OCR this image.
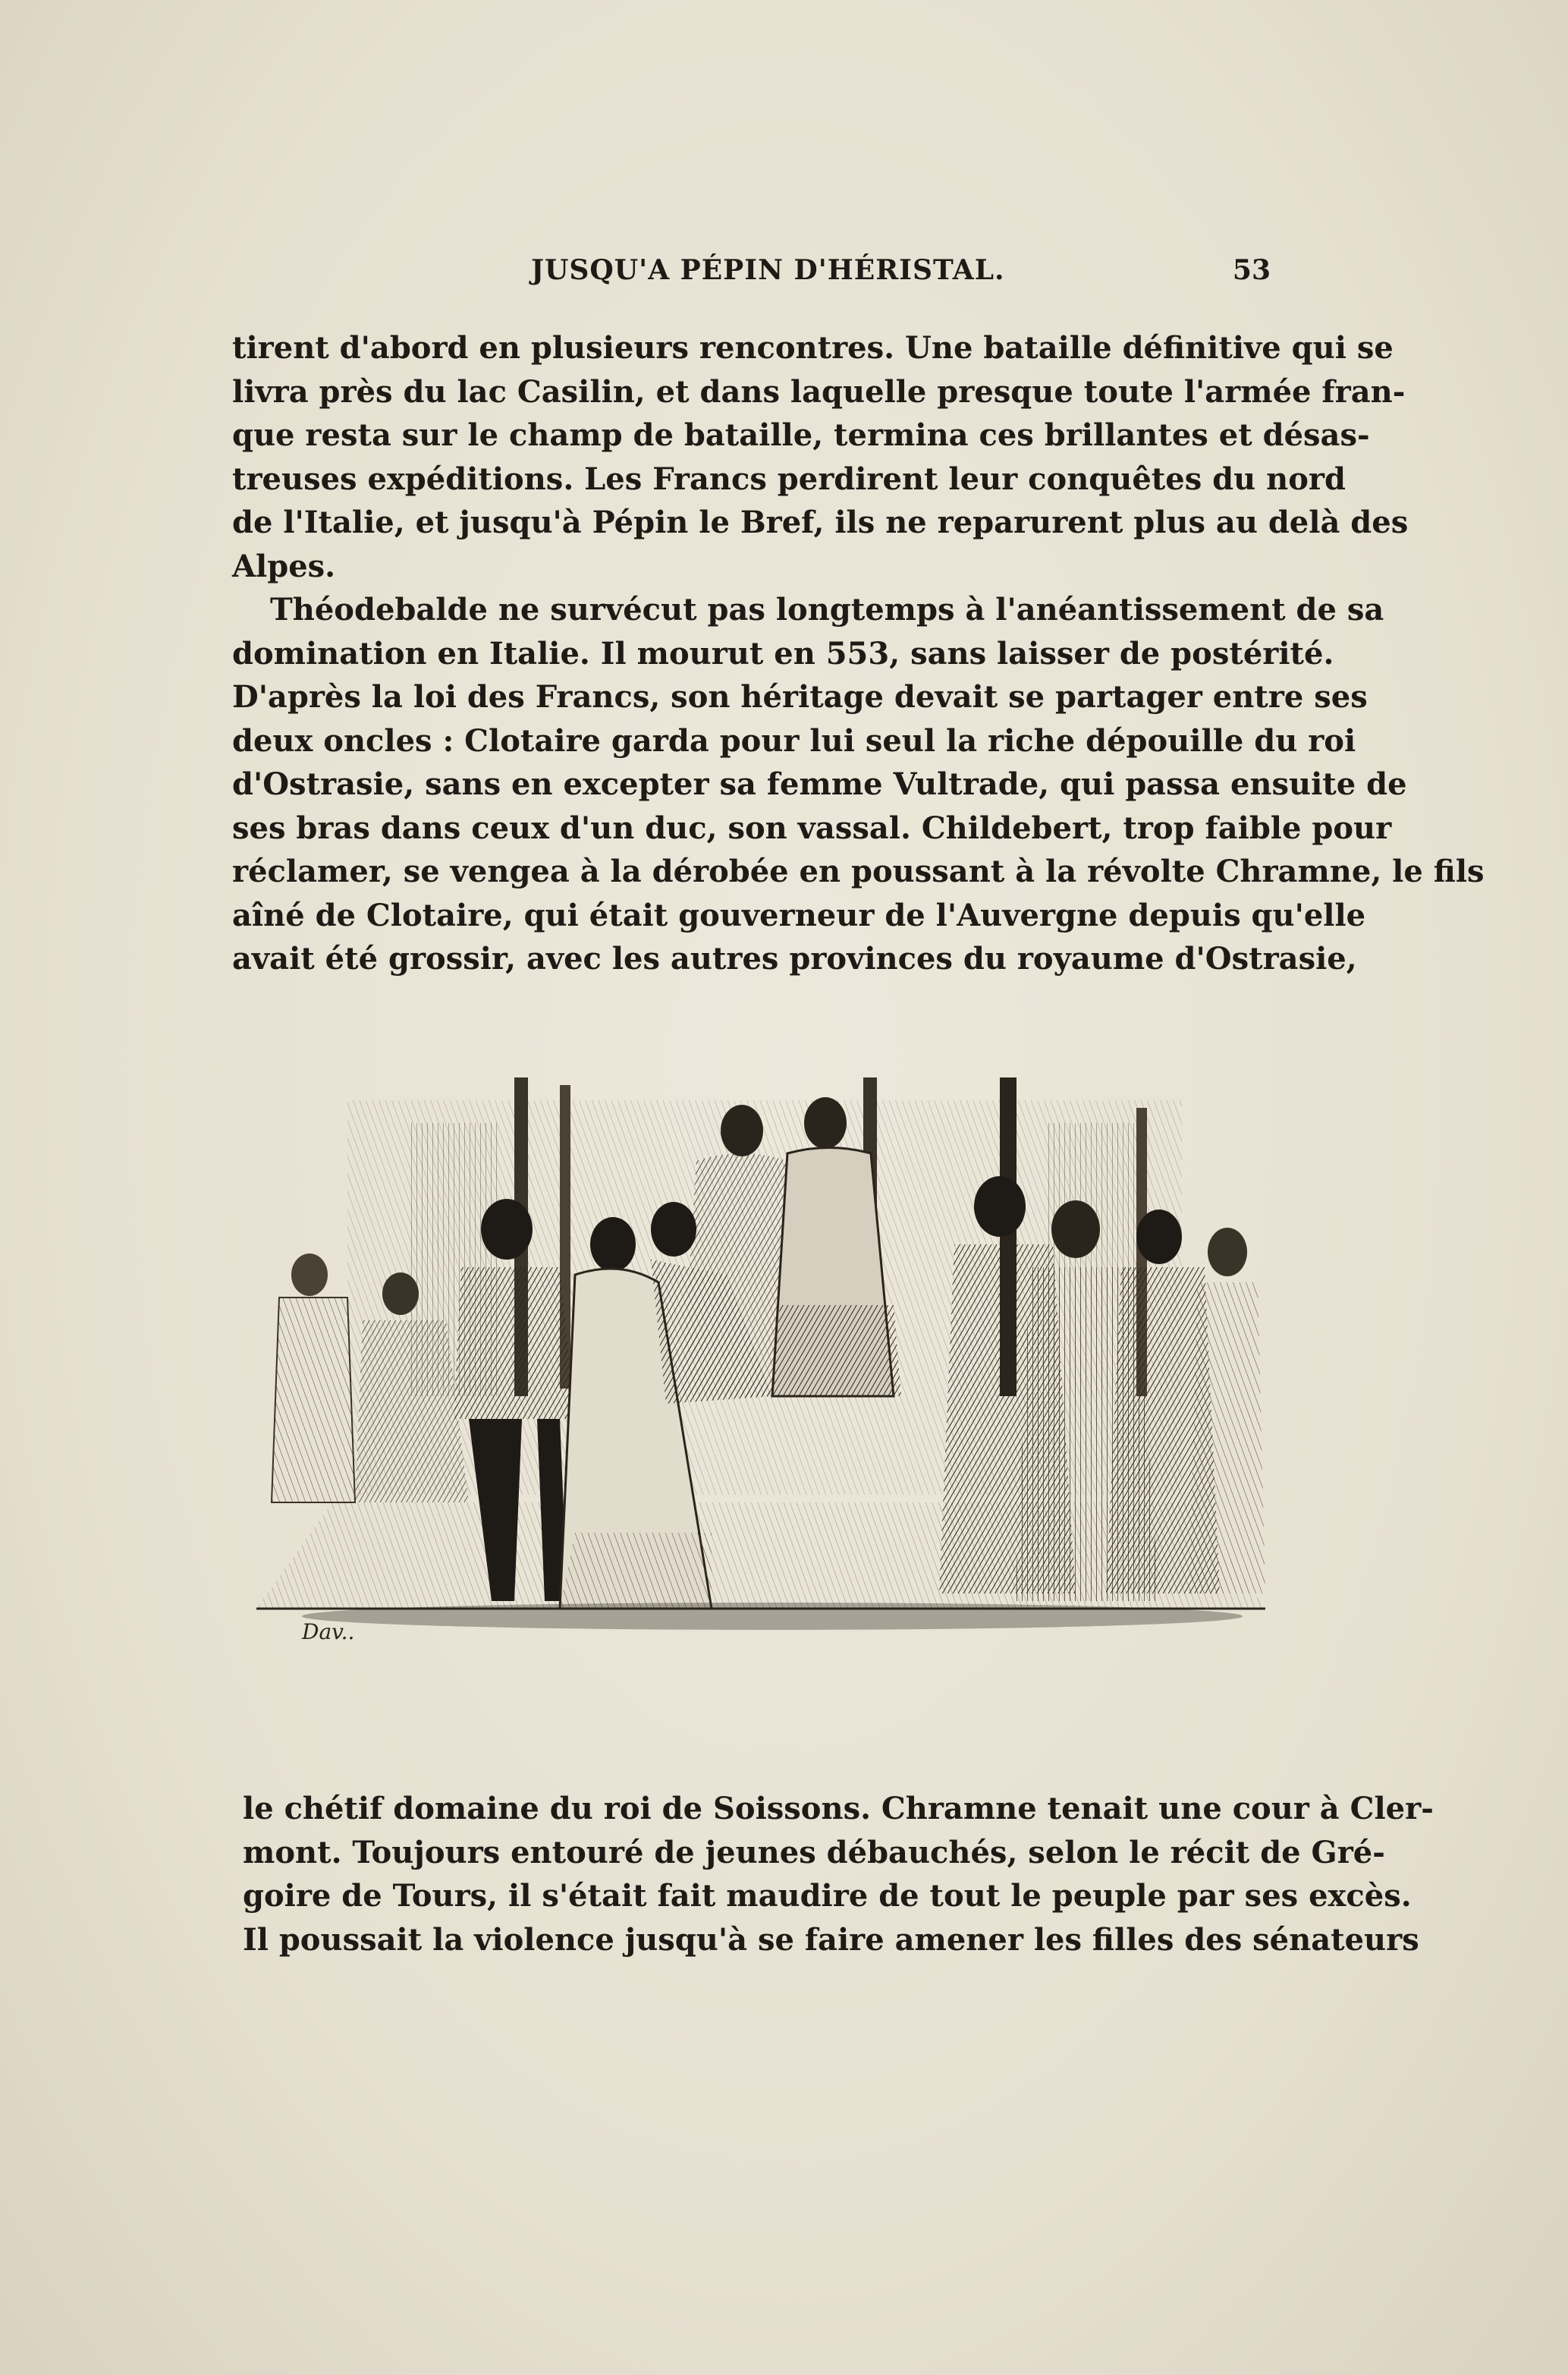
JUSQU'A PÉPIN D'HÉRISTAL.	53
tirent d'abord en plusieurs rencontres. Une bataille définitive qui se
livra près du lac Casilin, et dans laquelle presque toute l'armée fran-
que resta sur le champ de bataille, termina ces brillantes et désas-
treuses expéditions. Les Francs perdirent leur conquêtes du nord
de l'Italie, et jusqu'à Pépin le Bref, ils ne reparurent plus au delà des
Alpes.
Théodebalde ne survécut pas longtemps à l'anéantissement de sa
domination en Italie. Il mourut en 553, sans laisser de postérité.
D'après la loi des Francs, son héritage devait se partager entre ses
deux oncles : Clotaire garda pour lui seul la riche dépouille du roi
d'Ostrasie, sans en excepter sa femme Vultrade, qui passa ensuite de
ses bras dans ceux d'un duc, son vassal. Childebert, trop faible pour
réclamer, se vengea à la dérobée en poussant à la révolte Chramne, le fils
aîné de Clotaire, qui était gouverneur de l'Auvergne depuis qu'elle
avait été grossir, avec les autres provinces du royaume d'Ostrasie,
Dav..
le chétif domaine du roi de Soissons. Chramne tenait une cour à Cler-
mont. Toujours entouré de jeunes débauchés, selon le récit de Gré-
goire de Tours, il s'était fait maudire de tout le peuple par ses excès.
Il poussait la violence jusqu'à se faire amener les filles des sénateurs
